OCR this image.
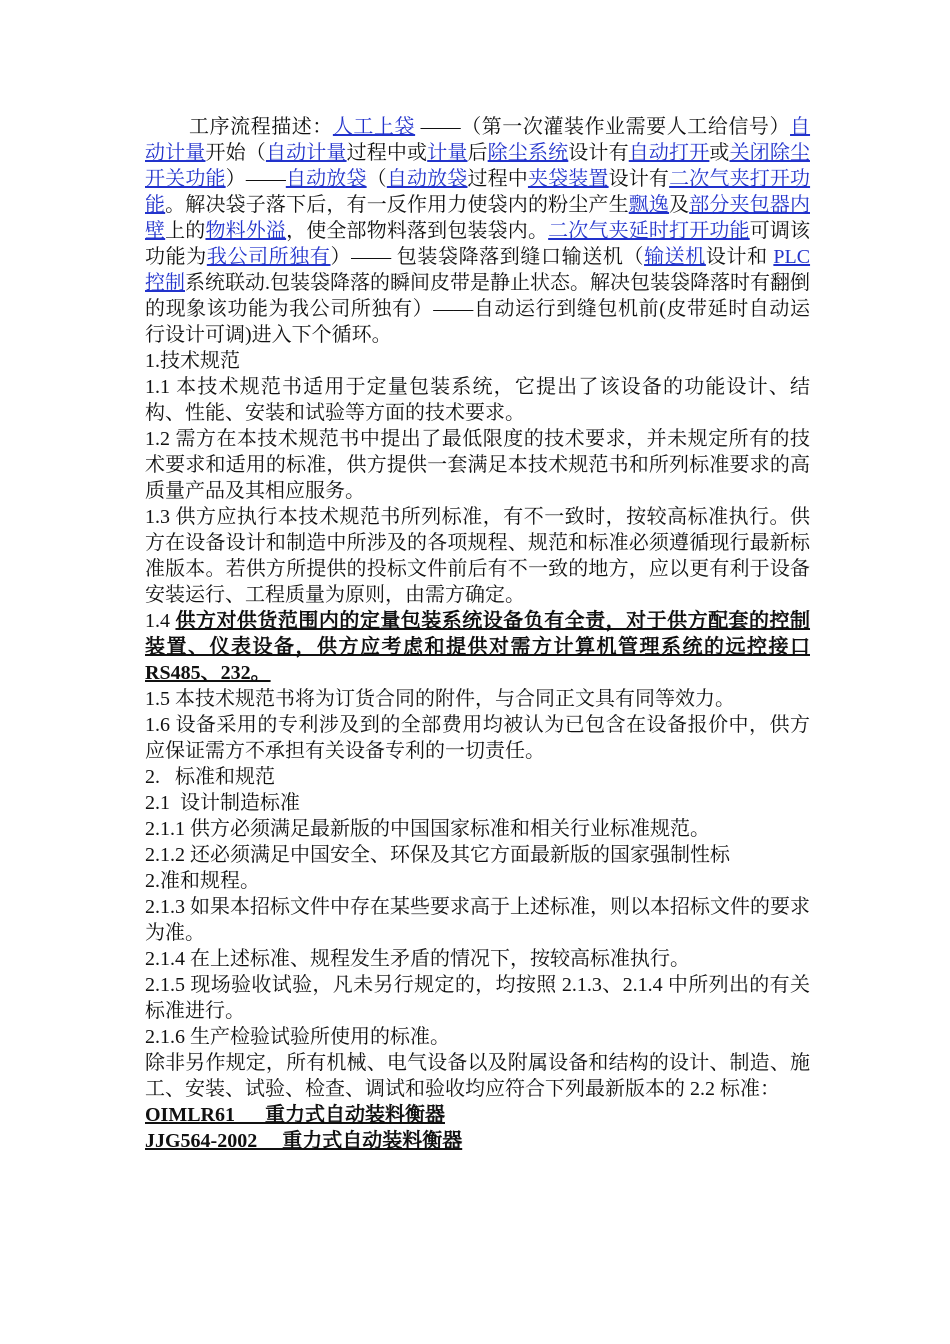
工序流程描述：人工上袋 ——（第一次灌装作业需要人工给信号）自动计量开始（自动计量过程中或计量后除尘系统设计有自动打开或关闭除尘开关功能）——自动放袋（自动放袋过程中夹袋装置设计有二次气夹打开功能。解决袋子落下后，有一反作用力使袋内的粉尘产生飘逸及部分夹包器内壁上的物料外溢，使全部物料落到包装袋内。二次气夹延时打开功能可调该功能为我公司所独有）—— 包装袋降落到缝口输送机（输送机设计和 PLC 控制系统联动.包装袋降落的瞬间皮带是静止状态。解决包装袋降落时有翻倒的现象该功能为我公司所独有）——自动运行到缝包机前(皮带延时自动运行设计可调)进入下个循环。

1.技术规范

1.1 本技术规范书适用于定量包装系统，它提出了该设备的功能设计、结构、性能、安装和试验等方面的技术要求。

1.2 需方在本技术规范书中提出了最低限度的技术要求，并未规定所有的技术要求和适用的标准，供方提供一套满足本技术规范书和所列标准要求的高质量产品及其相应服务。

1.3 供方应执行本技术规范书所列标准，有不一致时，按较高标准执行。供方在设备设计和制造中所涉及的各项规程、规范和标准必须遵循现行最新标准版本。若供方所提供的投标文件前后有不一致的地方，应以更有利于设备安装运行、工程质量为原则，由需方确定。

1.4 供方对供货范围内的定量包装系统设备负有全责，对于供方配套的控制装置、仪表设备，供方应考虑和提供对需方计算机管理系统的远控接口 RS485、232。

1.5 本技术规范书将为订货合同的附件，与合同正文具有同等效力。

1.6 设备采用的专利涉及到的全部费用均被认为已包含在设备报价中，供方应保证需方不承担有关设备专利的一切责任。

2.   标准和规范

2.1  设计制造标准

2.1.1 供方必须满足最新版的中国国家标准和相关行业标准规范。

2.1.2 还必须满足中国安全、环保及其它方面最新版的国家强制性标

2.准和规程。

2.1.3 如果本招标文件中存在某些要求高于上述标准，则以本招标文件的要求为准。

2.1.4 在上述标准、规程发生矛盾的情况下，按较高标准执行。

2.1.5 现场验收试验，凡未另行规定的，均按照 2.1.3、2.1.4 中所列出的有关标准进行。

2.1.6 生产检验试验所使用的标准。

除非另作规定，所有机械、电气设备以及附属设备和结构的设计、制造、施工、安装、试验、检查、调试和验收均应符合下列最新版本的 2.2 标准：

OIMLR61      重力式自动装料衡器

JJG564-2002     重力式自动装料衡器
